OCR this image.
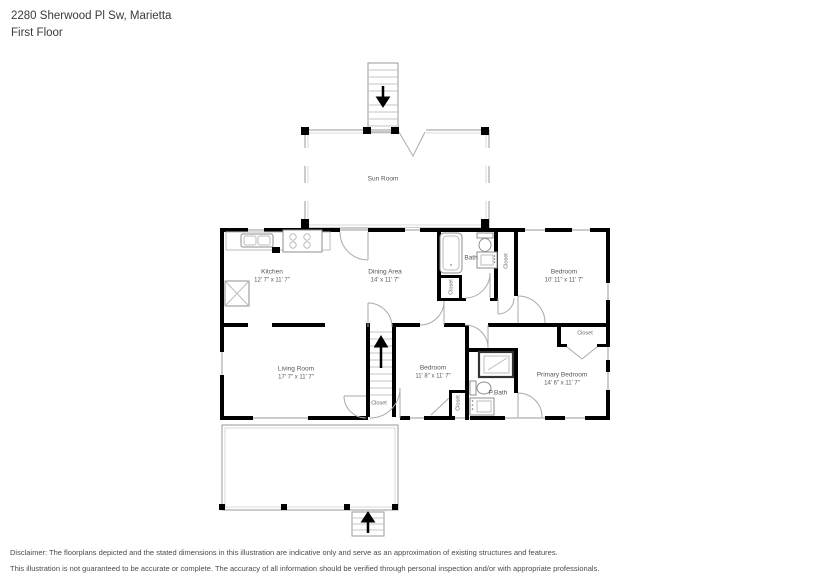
2280 Sherwood Pl Sw, Marietta
First Floor
Sun Room
Kitchen
12' 7" x 11' 7"
Dining Area
14' x 11' 7"
Bath
Closet
Closet
Bedroom
10' 11" x 11' 7"
Living Room
17' 7" x 11' 7"
Closet
Bedroom
11' 8" x 11' 7"
Closet
P.Bath
Primary Bedroom
14' 6" x 11' 7"
Closet
Disclaimer: The floorplans depicted and the stated dimensions in this illustration are indicative only and serve as an approximation of existing structures and features.
This illustration is not guaranteed to be accurate or complete. The accuracy of all information should be verified through personal inspection and/or with appropriate professionals.
